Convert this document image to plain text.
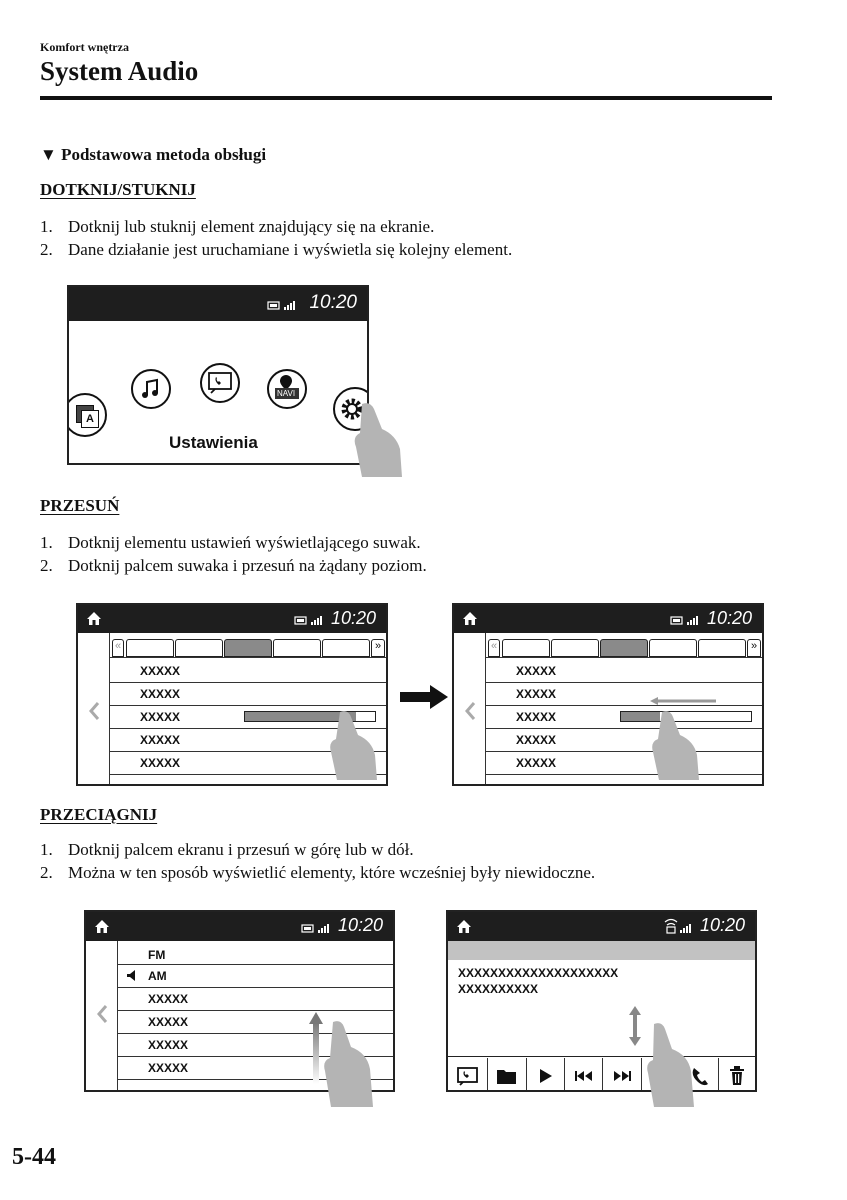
Komfort wnętrza
System Audio
▼ Podstawowa metoda obsługi
DOTKNIJ/STUKNIJ
1. Dotknij lub stuknij element znajdujący się na ekranie.
2. Dane działanie jest uruchamiane i wyświetla się kolejny element.
10:20
A
NAVI
Ustawienia
PRZESUŃ
1. Dotknij elementu ustawień wyświetlającego suwak.
2. Dotknij palcem suwaka i przesuń na żądany poziom.
10:20
«	»
XXXXX
XXXXX
XXXXX
XXXXX
XXXXX
10:20
«	»
XXXXX
XXXXX
XXXXX
XXXXX
XXXXX
PRZECIĄGNIJ
1. Dotknij palcem ekranu i przesuń w górę lub w dół.
2. Można w ten sposób wyświetlić elementy, które wcześniej były niewidoczne.
10:20
FM
AM
XXXXX
XXXXX
XXXXX
XXXXX
10:20
XXXXXXXXXXXXXXXXXXXX
XXXXXXXXXX
5-44
